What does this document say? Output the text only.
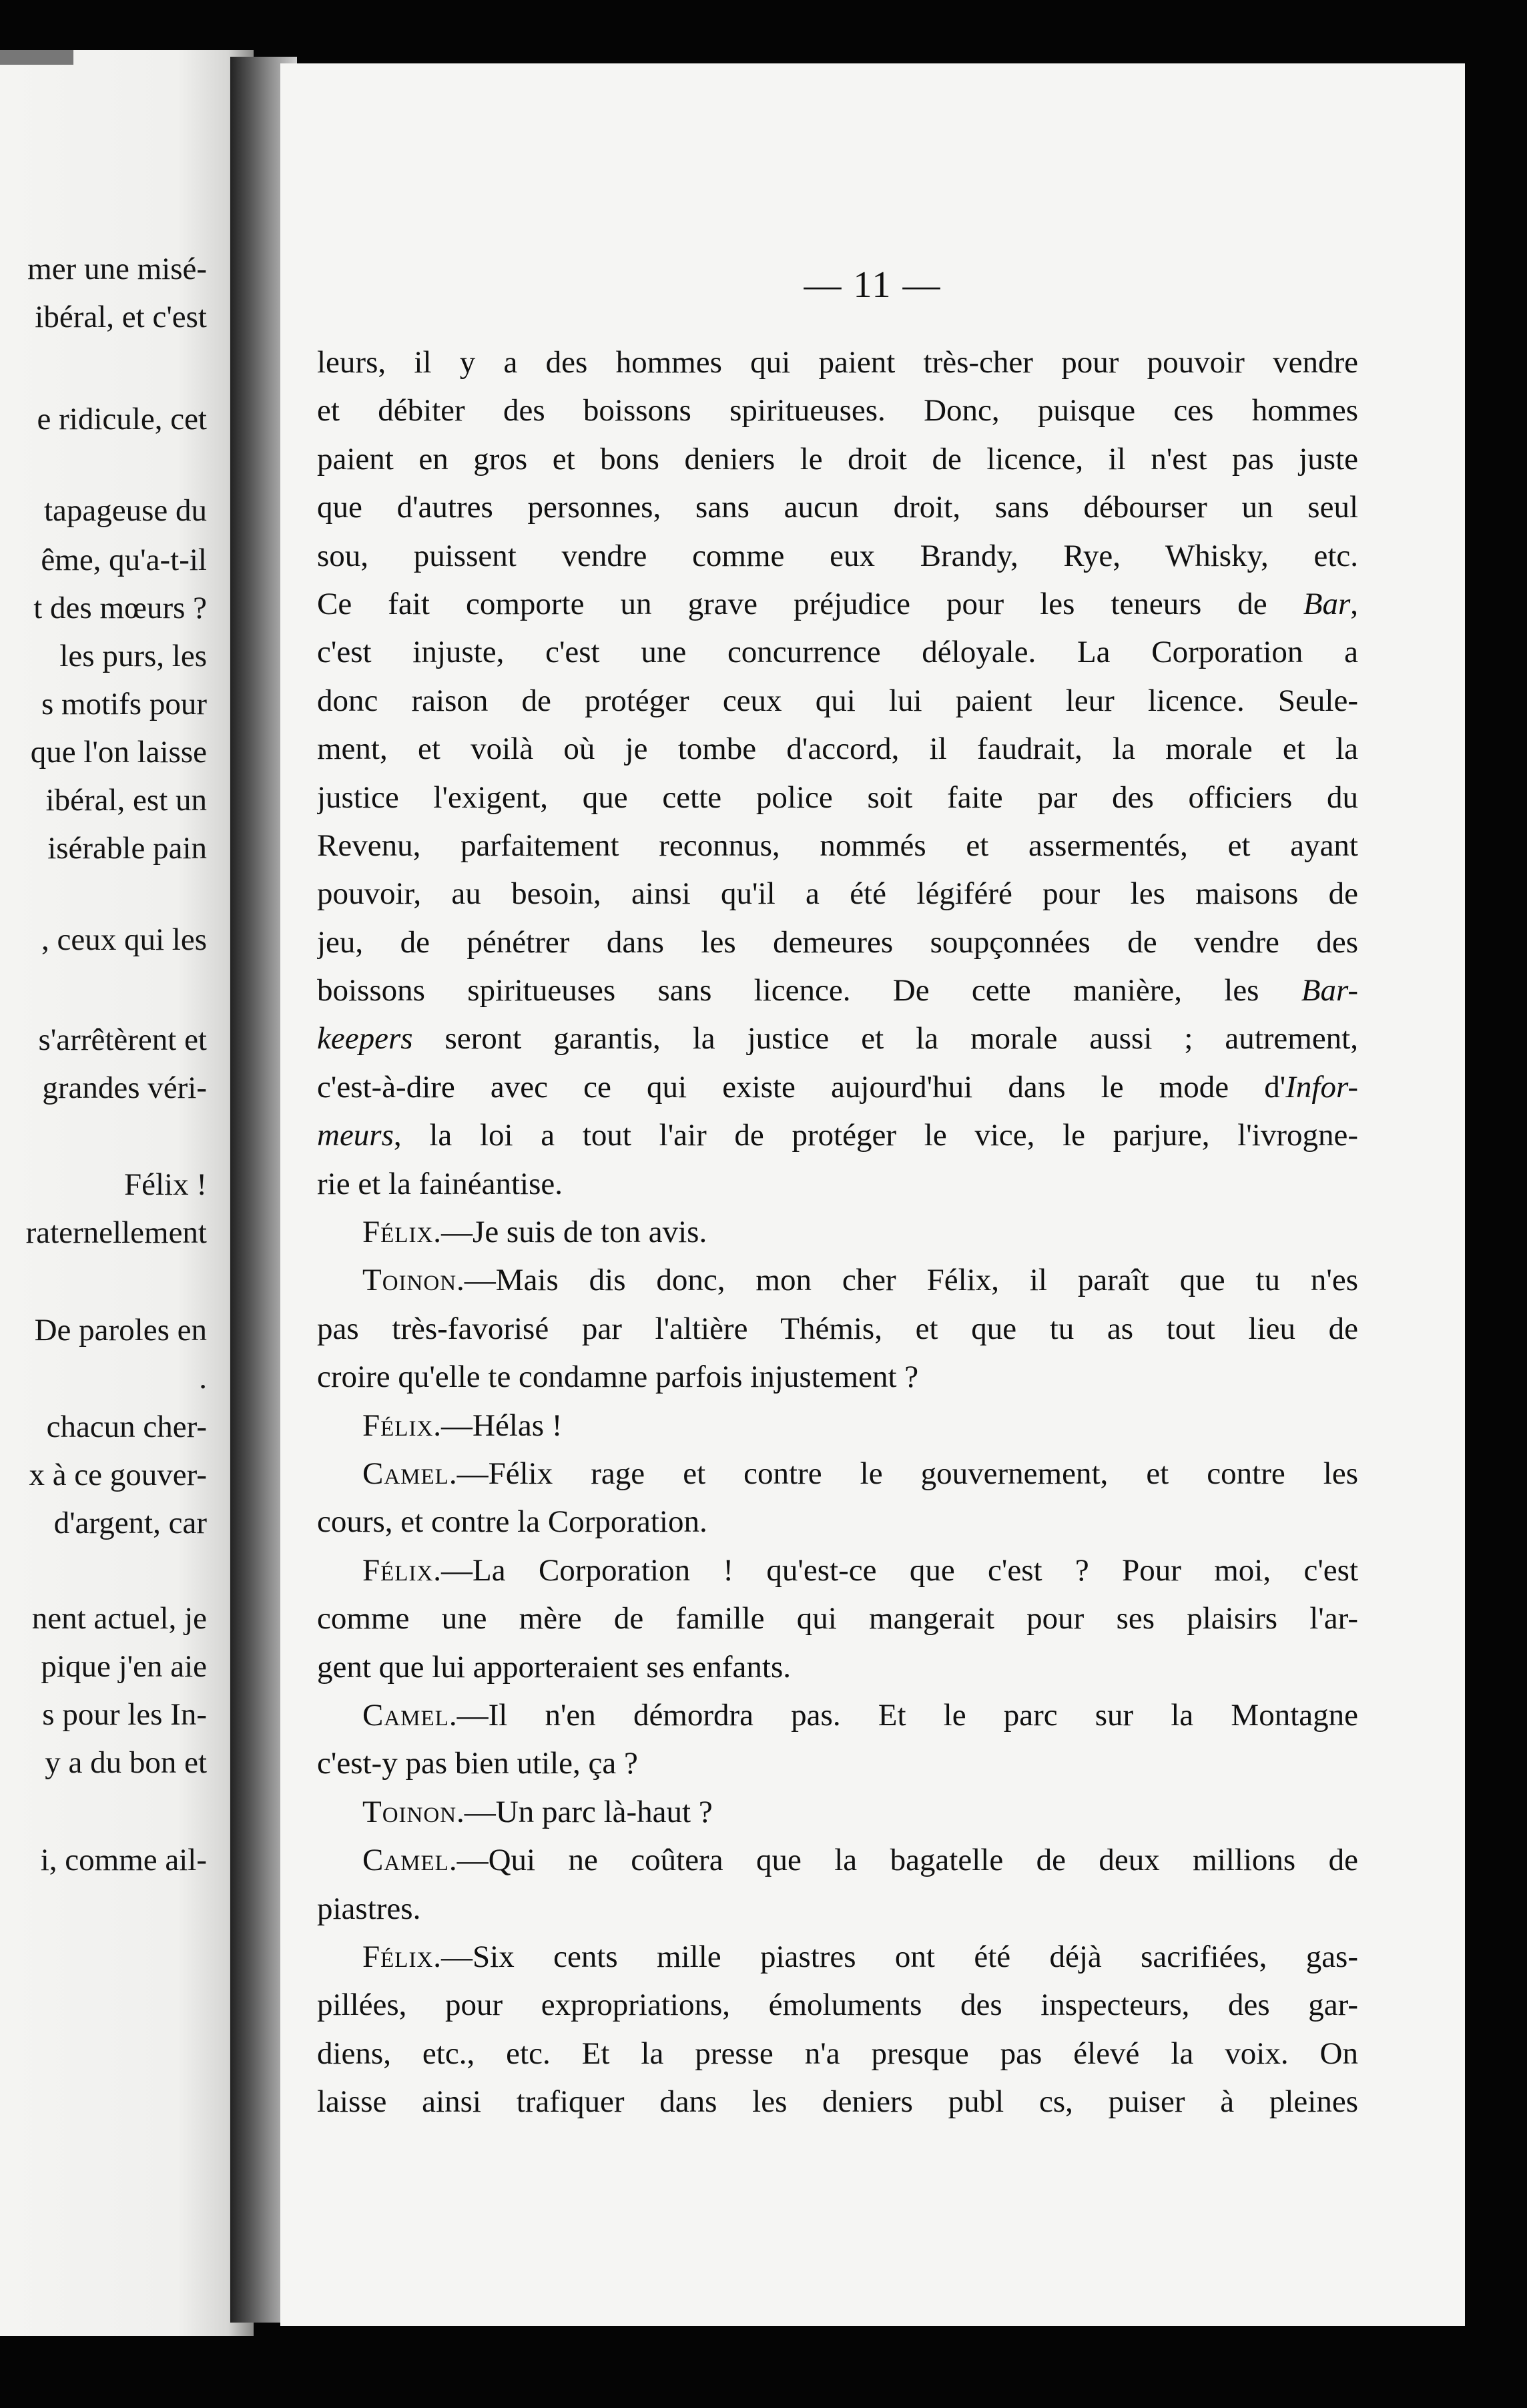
mer une misé-
ibéral, et c'est
e ridicule, cet
tapageuse du
ême, qu'a-t-il
t des mœurs ?
les purs, les
s motifs pour
que l'on laisse
ibéral, est un
isérable pain
, ceux qui les
s'arrêtèrent et
grandes véri-
Félix !
raternellement
De paroles en
.
chacun cher-
x à ce gouver-
d'argent, car
nent actuel, je
pique j'en aie
s pour les In-
y a du bon et
i, comme ail-
— 11 —
leurs, il y a des hommes qui paient très-cher pour pouvoir vendre
et débiter des boissons spiritueuses. Donc, puisque ces hommes
paient en gros et bons deniers le droit de licence, il n'est pas juste
que d'autres personnes, sans aucun droit, sans débourser un seul
sou, puissent vendre comme eux Brandy, Rye, Whisky, etc.
Ce fait comporte un grave préjudice pour les teneurs de Bar,
c'est injuste, c'est une concurrence déloyale. La Corporation a
donc raison de protéger ceux qui lui paient leur licence. Seule-
ment, et voilà où je tombe d'accord, il faudrait, la morale et la
justice l'exigent, que cette police soit faite par des officiers du
Revenu, parfaitement reconnus, nommés et assermentés, et ayant
pouvoir, au besoin, ainsi qu'il a été légiféré pour les maisons de
jeu, de pénétrer dans les demeures soupçonnées de vendre des
boissons spiritueuses sans licence. De cette manière, les Bar-
keepers seront garantis, la justice et la morale aussi ; autrement,
c'est-à-dire avec ce qui existe aujourd'hui dans le mode d'Infor-
meurs, la loi a tout l'air de protéger le vice, le parjure, l'ivrogne-
rie et la fainéantise.
Félix.—Je suis de ton avis.
Toinon.—Mais dis donc, mon cher Félix, il paraît que tu n'es
pas très-favorisé par l'altière Thémis, et que tu as tout lieu de
croire qu'elle te condamne parfois injustement ?
Félix.—Hélas !
Camel.—Félix rage et contre le gouvernement, et contre les
cours, et contre la Corporation.
Félix.—La Corporation ! qu'est-ce que c'est ? Pour moi, c'est
comme une mère de famille qui mangerait pour ses plaisirs l'ar-
gent que lui apporteraient ses enfants.
Camel.—Il n'en démordra pas. Et le parc sur la Montagne
c'est-y pas bien utile, ça ?
Toinon.—Un parc là-haut ?
Camel.—Qui ne coûtera que la bagatelle de deux millions de
piastres.
Félix.—Six cents mille piastres ont été déjà sacrifiées, gas-
pillées, pour expropriations, émoluments des inspecteurs, des gar-
diens, etc., etc. Et la presse n'a presque pas élevé la voix. On
laisse ainsi trafiquer dans les deniers publ cs, puiser à pleines
